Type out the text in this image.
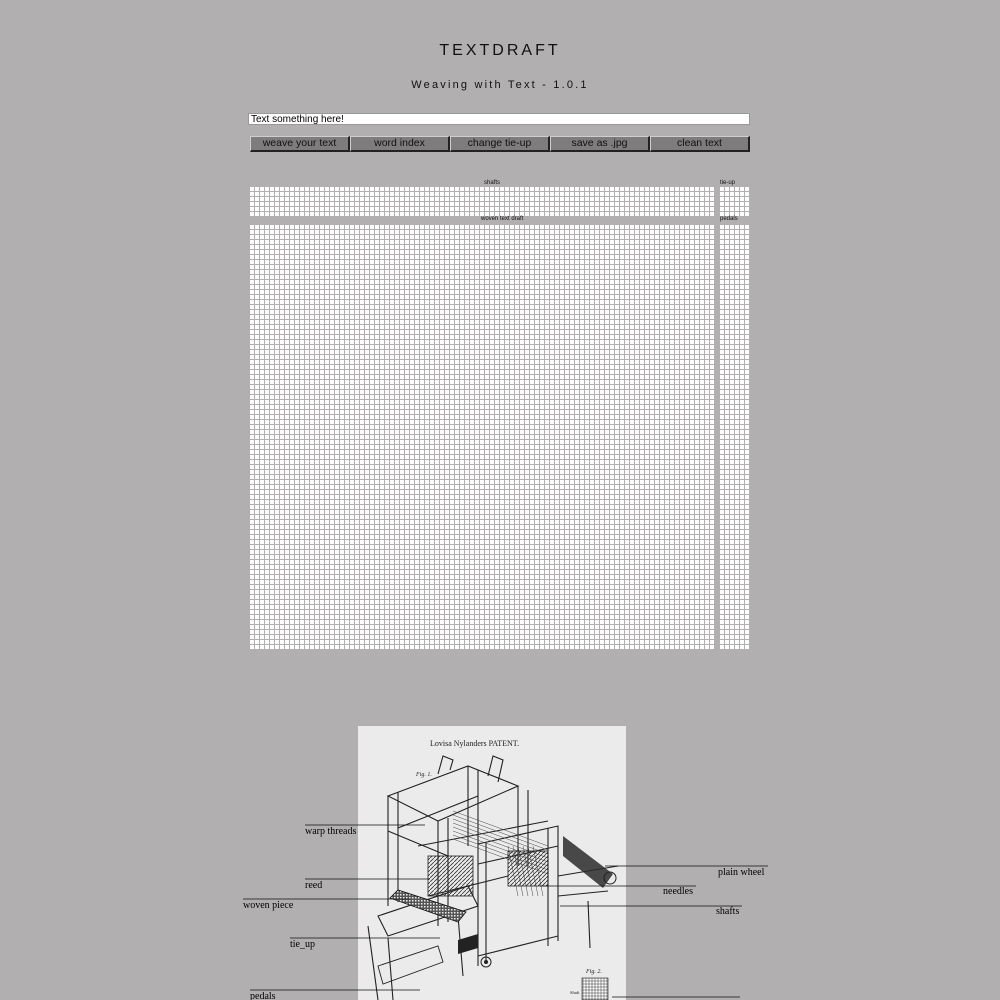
TEXTDRAFT
Weaving with Text - 1.0.1
Text something here!
weave your text	word index	change tie-up	save as .jpg	clean text
shafts	tie-up
woven text draft	pedals
Lovisa Nylanders PATENT.
Fig. 1.
Fig. 2.
Shaft
warp threads
reed
woven piece
tie_up
pedals
plain wheel
needles
shafts
